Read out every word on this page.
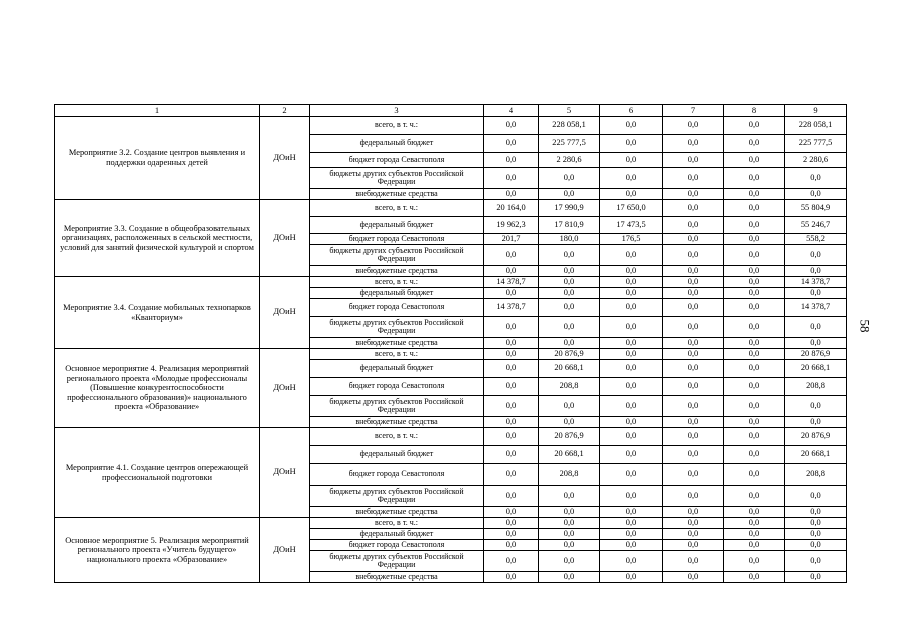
1	2	3	4	5	6	7	8	9
Мероприятие 3.2. Создание центров выявления и поддержки одаренных детей	ДОиН	всего, в т. ч.:	0,0	228 058,1	0,0	0,0	0,0	228 058,1
		федеральный бюджет	0,0	225 777,5	0,0	0,0	0,0	225 777,5
		бюджет города Севастополя	0,0	2 280,6	0,0	0,0	0,0	2 280,6
		бюджеты других субъектов Российской Федерации	0,0	0,0	0,0	0,0	0,0	0,0
		внебюджетные средства	0,0	0,0	0,0	0,0	0,0	0,0
Мероприятие 3.3. Создание в общеобразовательных организациях, расположенных в сельской местности, условий для занятий физической культурой и спортом	ДОиН	всего, в т. ч.:	20 164,0	17 990,9	17 650,0	0,0	0,0	55 804,9
		федеральный бюджет	19 962,3	17 810,9	17 473,5	0,0	0,0	55 246,7
		бюджет города Севастополя	201,7	180,0	176,5	0,0	0,0	558,2
		бюджеты других субъектов Российской Федерации	0,0	0,0	0,0	0,0	0,0	0,0
		внебюджетные средства	0,0	0,0	0,0	0,0	0,0	0,0
Мероприятие 3.4. Создание мобильных технопарков «Кванториум»	ДОиН	всего, в т. ч.:	14 378,7	0,0	0,0	0,0	0,0	14 378,7
		федеральный бюджет	0,0	0,0	0,0	0,0	0,0	0,0
		бюджет города Севастополя	14 378,7	0,0	0,0	0,0	0,0	14 378,7
		бюджеты других субъектов Российской Федерации	0,0	0,0	0,0	0,0	0,0	0,0
		внебюджетные средства	0,0	0,0	0,0	0,0	0,0	0,0
Основное мероприятие 4. Реализация мероприятий регионального проекта «Молодые профессионалы (Повышение конкурентоспособности профессионального образования)» национального проекта «Образование»	ДОиН	всего, в т. ч.:	0,0	20 876,9	0,0	0,0	0,0	20 876,9
		федеральный бюджет	0,0	20 668,1	0,0	0,0	0,0	20 668,1
		бюджет города Севастополя	0,0	208,8	0,0	0,0	0,0	208,8
		бюджеты других субъектов Российской Федерации	0,0	0,0	0,0	0,0	0,0	0,0
		внебюджетные средства	0,0	0,0	0,0	0,0	0,0	0,0
Мероприятие 4.1. Создание центров опережающей профессиональной подготовки	ДОиН	всего, в т. ч.:	0,0	20 876,9	0,0	0,0	0,0	20 876,9
		федеральный бюджет	0,0	20 668,1	0,0	0,0	0,0	20 668,1
		бюджет города Севастополя	0,0	208,8	0,0	0,0	0,0	208,8
		бюджеты других субъектов Российской Федерации	0,0	0,0	0,0	0,0	0,0	0,0
		внебюджетные средства	0,0	0,0	0,0	0,0	0,0	0,0
Основное мероприятие 5. Реализация мероприятий регионального проекта «Учитель будущего» национального проекта «Образование»	ДОиН	всего, в т. ч.:	0,0	0,0	0,0	0,0	0,0	0,0
		федеральный бюджет	0,0	0,0	0,0	0,0	0,0	0,0
		бюджет города Севастополя	0,0	0,0	0,0	0,0	0,0	0,0
		бюджеты других субъектов Российской Федерации	0,0	0,0	0,0	0,0	0,0	0,0
		внебюджетные средства	0,0	0,0	0,0	0,0	0,0	0,0
58
